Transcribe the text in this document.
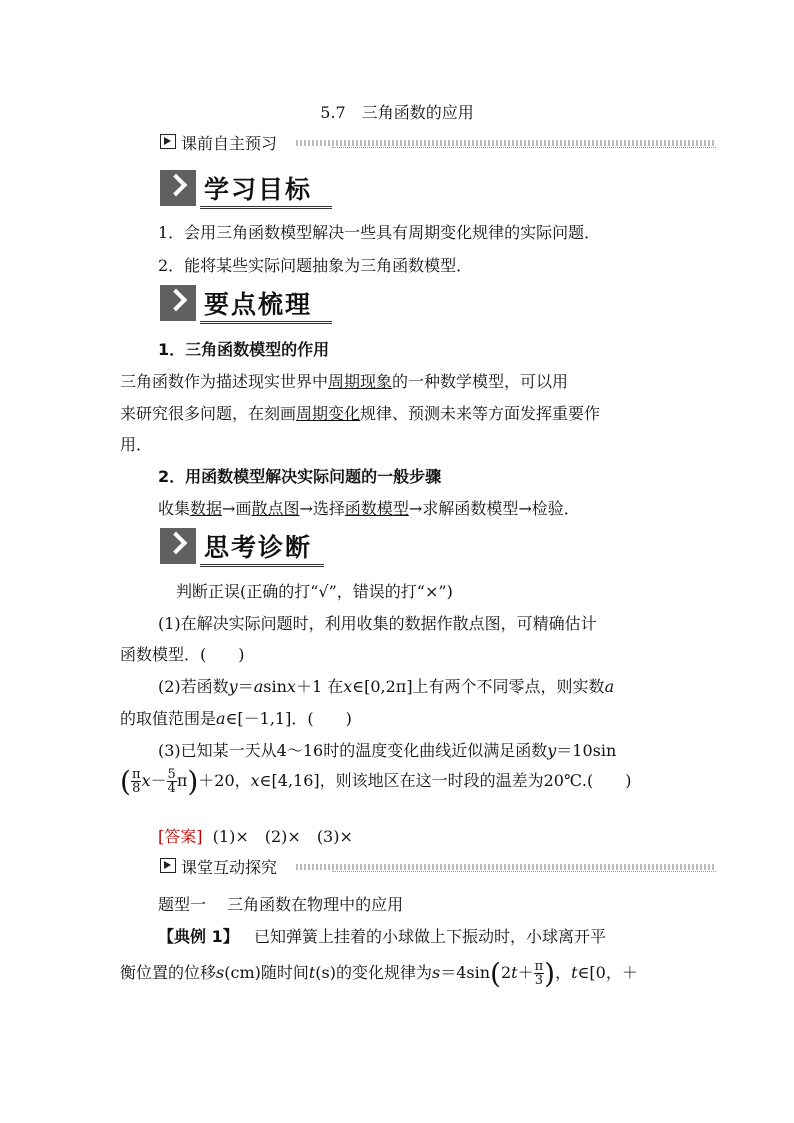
5.7　三角函数的应用
课前自主预习
学习目标
1．会用三角函数模型解决一些具有周期变化规律的实际问题．
2．能将某些实际问题抽象为三角函数模型．
要点梳理
1．三角函数模型的作用
三角函数作为描述现实世界中周期现象的一种数学模型，可以用
来研究很多问题，在刻画周期变化规律、预测未来等方面发挥重要作
用．
2．用函数模型解决实际问题的一般步骤
收集数据→画散点图→选择函数模型→求解函数模型→检验．
思考诊断
判断正误(正确的打“√”，错误的打“×”)
(1)在解决实际问题时，利用收集的数据作散点图，可精确估计
函数模型．(　　)
(2)若函数y＝asinx＋1 在x∈[0,2π]上有两个不同零点，则实数a
的取值范围是a∈[－1,1]．(　　)
(3)已知某一天从4～16时的温度变化曲线近似满足函数y＝10sin
( $\frac{\pi}{8} x- \frac{5}{4} \pi)+20$，x∈[4,16]，则该地区在这一时段的温差为20℃.(　　)
[答案] (1)×　(2)×　(3)×
课堂互动探究
题型一　 三角函数在物理中的应用
【典例 1】 已知弹簧上挂着的小球做上下振动时，小球离开平
衡位置的位移s(cm)随时间t(s)的变化规律为$s=4\sin(2t+ \frac{\pi}{3}$ )，t∈[0，＋
